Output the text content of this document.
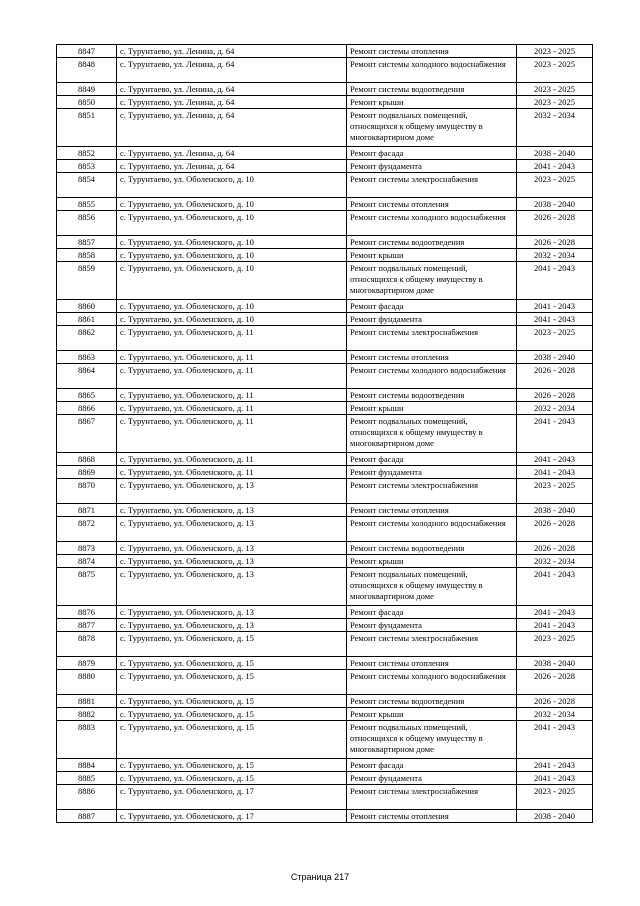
8847	с. Турунтаево, ул. Ленина, д. 64	Ремонт системы отопления	2023 - 2025
8848	с. Турунтаево, ул. Ленина, д. 64	Ремонт системы холодного водоснабжения	2023 - 2025
8849	с. Турунтаево, ул. Ленина, д. 64	Ремонт системы водоотведения	2023 - 2025
8850	с. Турунтаево, ул. Ленина, д. 64	Ремонт крыши	2023 - 2025
8851	с. Турунтаево, ул. Ленина, д. 64	Ремонт подвальных помещений, относящихся к общему имуществу в многоквартирном доме	2032 - 2034
8852	с. Турунтаево, ул. Ленина, д. 64	Ремонт фасада	2038 - 2040
8853	с. Турунтаево, ул. Ленина, д. 64	Ремонт фундамента	2041 - 2043
8854	с. Турунтаево, ул. Оболенского, д. 10	Ремонт системы электроснабжения	2023 - 2025
8855	с. Турунтаево, ул. Оболенского, д. 10	Ремонт системы отопления	2038 - 2040
8856	с. Турунтаево, ул. Оболенского, д. 10	Ремонт системы холодного водоснабжения	2026 - 2028
8857	с. Турунтаево, ул. Оболенского, д. 10	Ремонт системы водоотведения	2026 - 2028
8858	с. Турунтаево, ул. Оболенского, д. 10	Ремонт крыши	2032 - 2034
8859	с. Турунтаево, ул. Оболенского, д. 10	Ремонт подвальных помещений, относящихся к общему имуществу в многоквартирном доме	2041 - 2043
8860	с. Турунтаево, ул. Оболенского, д. 10	Ремонт фасада	2041 - 2043
8861	с. Турунтаево, ул. Оболенского, д. 10	Ремонт фундамента	2041 - 2043
8862	с. Турунтаево, ул. Оболенского, д. 11	Ремонт системы электроснабжения	2023 - 2025
8863	с. Турунтаево, ул. Оболенского, д. 11	Ремонт системы отопления	2038 - 2040
8864	с. Турунтаево, ул. Оболенского, д. 11	Ремонт системы холодного водоснабжения	2026 - 2028
8865	с. Турунтаево, ул. Оболенского, д. 11	Ремонт системы водоотведения	2026 - 2028
8866	с. Турунтаево, ул. Оболенского, д. 11	Ремонт крыши	2032 - 2034
8867	с. Турунтаево, ул. Оболенского, д. 11	Ремонт подвальных помещений, относящихся к общему имуществу в многоквартирном доме	2041 - 2043
8868	с. Турунтаево, ул. Оболенского, д. 11	Ремонт фасада	2041 - 2043
8869	с. Турунтаево, ул. Оболенского, д. 11	Ремонт фундамента	2041 - 2043
8870	с. Турунтаево, ул. Оболенского, д. 13	Ремонт системы электроснабжения	2023 - 2025
8871	с. Турунтаево, ул. Оболенского, д. 13	Ремонт системы отопления	2038 - 2040
8872	с. Турунтаево, ул. Оболенского, д. 13	Ремонт системы холодного водоснабжения	2026 - 2028
8873	с. Турунтаево, ул. Оболенского, д. 13	Ремонт системы водоотведения	2026 - 2028
8874	с. Турунтаево, ул. Оболенского, д. 13	Ремонт крыши	2032 - 2034
8875	с. Турунтаево, ул. Оболенского, д. 13	Ремонт подвальных помещений, относящихся к общему имуществу в многоквартирном доме	2041 - 2043
8876	с. Турунтаево, ул. Оболенского, д. 13	Ремонт фасада	2041 - 2043
8877	с. Турунтаево, ул. Оболенского, д. 13	Ремонт фундамента	2041 - 2043
8878	с. Турунтаево, ул. Оболенского, д. 15	Ремонт системы электроснабжения	2023 - 2025
8879	с. Турунтаево, ул. Оболенского, д. 15	Ремонт системы отопления	2038 - 2040
8880	с. Турунтаево, ул. Оболенского, д. 15	Ремонт системы холодного водоснабжения	2026 - 2028
8881	с. Турунтаево, ул. Оболенского, д. 15	Ремонт системы водоотведения	2026 - 2028
8882	с. Турунтаево, ул. Оболенского, д. 15	Ремонт крыши	2032 - 2034
8883	с. Турунтаево, ул. Оболенского, д. 15	Ремонт подвальных помещений, относящихся к общему имуществу в многоквартирном доме	2041 - 2043
8884	с. Турунтаево, ул. Оболенского, д. 15	Ремонт фасада	2041 - 2043
8885	с. Турунтаево, ул. Оболенского, д. 15	Ремонт фундамента	2041 - 2043
8886	с. Турунтаево, ул. Оболенского, д. 17	Ремонт системы электроснабжения	2023 - 2025
8887	с. Турунтаево, ул. Оболенского, д. 17	Ремонт системы отопления	2038 - 2040
Страница 217
